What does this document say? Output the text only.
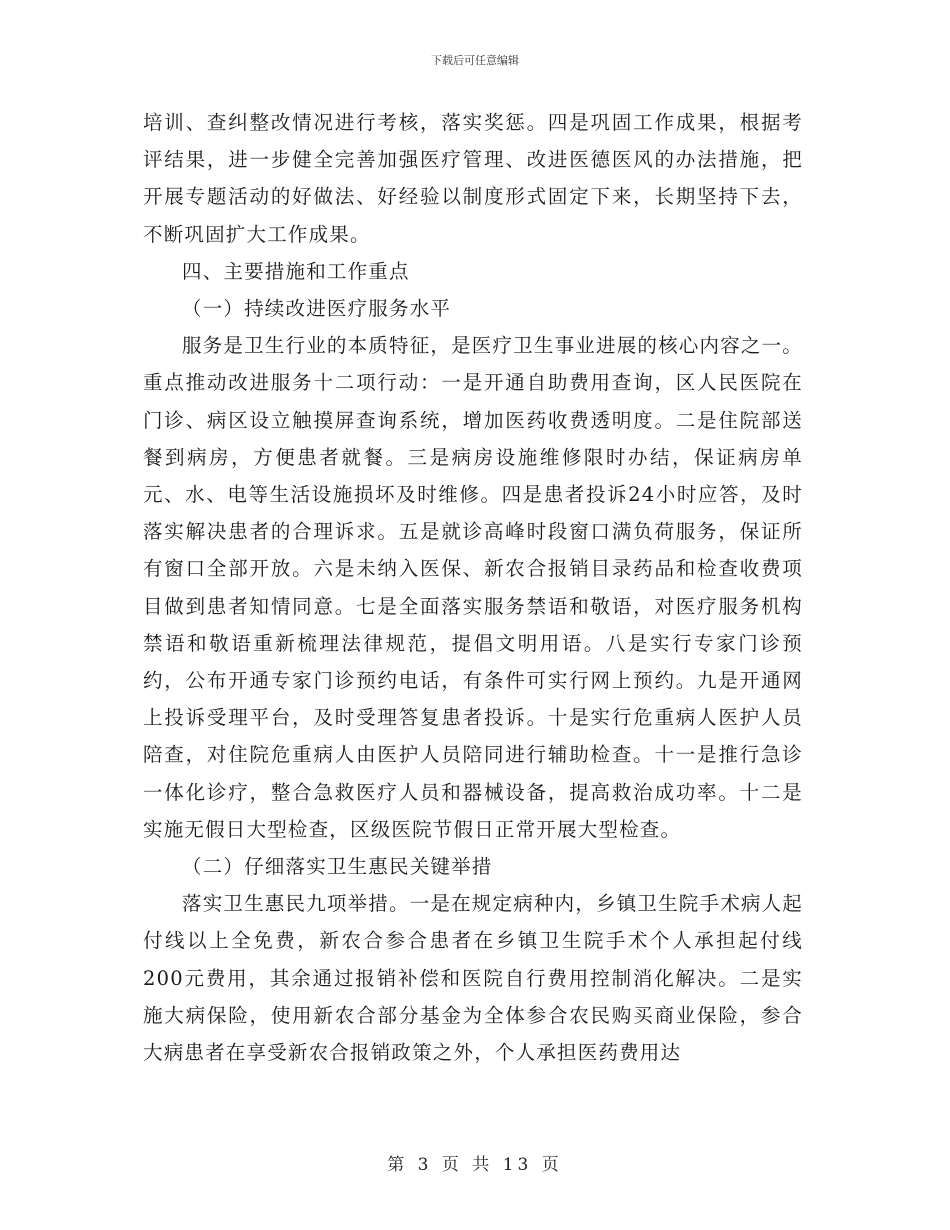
下载后可任意编辑

培训、查纠整改情况进行考核，落实奖惩。四是巩固工作成果，根据考评结果，进一步健全完善加强医疗管理、改进医德医风的办法措施，把开展专题活动的好做法、好经验以制度形式固定下来，长期坚持下去，不断巩固扩大工作成果。

四、主要措施和工作重点

（一）持续改进医疗服务水平

服务是卫生行业的本质特征，是医疗卫生事业进展的核心内容之一。重点推动改进服务十二项行动：一是开通自助费用查询，区人民医院在门诊、病区设立触摸屏查询系统，增加医药收费透明度。二是住院部送餐到病房，方便患者就餐。三是病房设施维修限时办结，保证病房单元、水、电等生活设施损坏及时维修。四是患者投诉24小时应答，及时落实解决患者的合理诉求。五是就诊高峰时段窗口满负荷服务，保证所有窗口全部开放。六是未纳入医保、新农合报销目录药品和检查收费项目做到患者知情同意。七是全面落实服务禁语和敬语，对医疗服务机构禁语和敬语重新梳理法律规范，提倡文明用语。八是实行专家门诊预约，公布开通专家门诊预约电话，有条件可实行网上预约。九是开通网上投诉受理平台，及时受理答复患者投诉。十是实行危重病人医护人员陪查，对住院危重病人由医护人员陪同进行辅助检查。十一是推行急诊一体化诊疗，整合急救医疗人员和器械设备，提高救治成功率。十二是实施无假日大型检查，区级医院节假日正常开展大型检查。

（二）仔细落实卫生惠民关键举措

落实卫生惠民九项举措。一是在规定病种内，乡镇卫生院手术病人起付线以上全免费，新农合参合患者在乡镇卫生院手术个人承担起付线200元费用，其余通过报销补偿和医院自行费用控制消化解决。二是实施大病保险，使用新农合部分基金为全体参合农民购买商业保险，参合大病患者在享受新农合报销政策之外，个人承担医药费用达

第 3 页 共 13 页
